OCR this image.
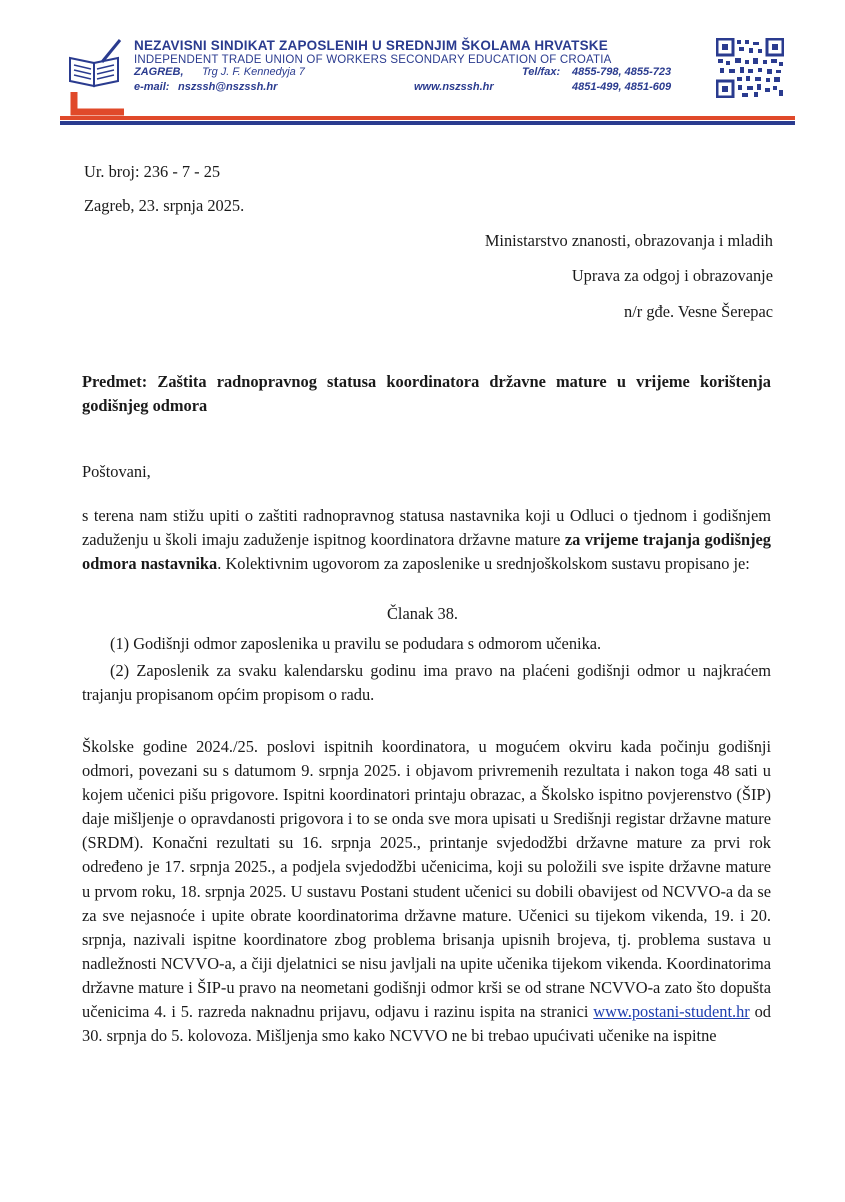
NEZAVISNI SINDIKAT ZAPOSLENIH U SREDNJIM ŠKOLAMA HRVATSKE
INDEPENDENT TRADE UNION OF WORKERS SECONDARY EDUCATION OF CROATIA
ZAGREB, Trg J. F. Kennedyja 7	Tel/fax: 4855-798, 4855-723
e-mail: nszssh@nszssh.hr	www.nszssh.hr	4851-499, 4851-609
Ur. broj: 236 - 7 - 25
Zagreb, 23. srpnja 2025.
Ministarstvo znanosti, obrazovanja i mladih
Uprava za odgoj i obrazovanje
n/r gđe. Vesne Šerepac
Predmet: Zaštita radnopravnog statusa koordinatora državne mature u vrijeme korištenja godišnjeg odmora
Poštovani,
s terena nam stižu upiti o zaštiti radnopravnog statusa nastavnika koji u Odluci o tjednom i godišnjem zaduženju u školi imaju zaduženje ispitnog koordinatora državne mature za vrijeme trajanja godišnjeg odmora nastavnika. Kolektivnim ugovorom za zaposlenike u srednjoškolskom sustavu propisano je:
Članak 38.
(1) Godišnji odmor zaposlenika u pravilu se podudara s odmorom učenika.
(2) Zaposlenik za svaku kalendarsku godinu ima pravo na plaćeni godišnji odmor u najkraćem trajanju propisanom općim propisom o radu.
Školske godine 2024./25. poslovi ispitnih koordinatora, u mogućem okviru kada počinju godišnji odmori, povezani su s datumom 9. srpnja 2025. i objavom privremenih rezultata i nakon toga 48 sati u kojem učenici pišu prigovore. Ispitni koordinatori printaju obrazac, a Školsko ispitno povjerenstvo (ŠIP) daje mišljenje o opravdanosti prigovora i to se onda sve mora upisati u Središnji registar državne mature (SRDM). Konačni rezultati su 16. srpnja 2025., printanje svjedodžbi državne mature za prvi rok određeno je 17. srpnja 2025., a podjela svjedodžbi učenicima, koji su položili sve ispite državne mature u prvom roku, 18. srpnja 2025. U sustavu Postani student učenici su dobili obavijest od NCVVO-a da se za sve nejasnoće i upite obrate koordinatorima državne mature. Učenici su tijekom vikenda, 19. i 20. srpnja, nazivali ispitne koordinatore zbog problema brisanja upisnih brojeva, tj. problema sustava u nadležnosti NCVVO-a, a čiji djelatnici se nisu javljali na upite učenika tijekom vikenda. Koordinatorima državne mature i ŠIP-u pravo na neometani godišnji odmor krši se od strane NCVVO-a zato što dopušta učenicima 4. i 5. razreda naknadnu prijavu, odjavu i razinu ispita na stranici www.postani-student.hr od 30. srpnja do 5. kolovoza. Mišljenja smo kako NCVVO ne bi trebao upućivati učenike na ispitne
